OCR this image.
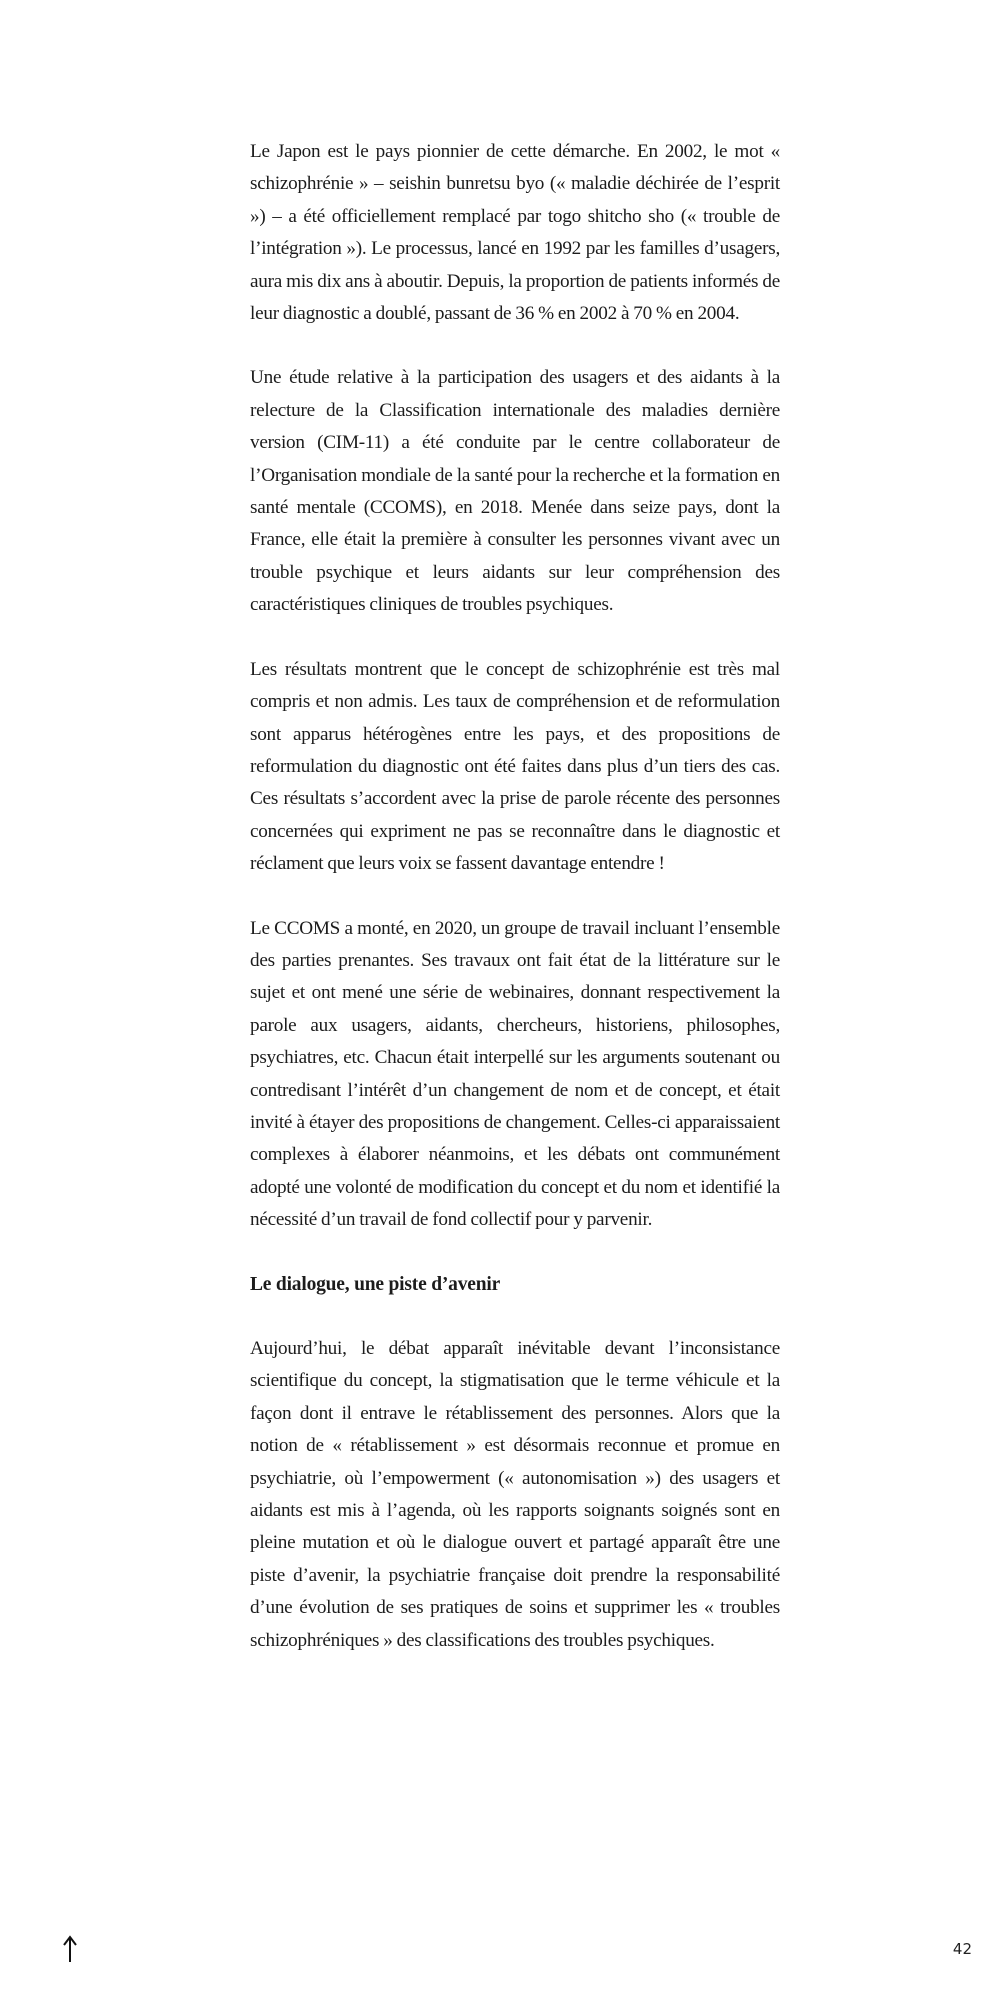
Le Japon est le pays pionnier de cette démarche. En 2002, le mot « schizophrénie » – seishin bunretsu byo (« maladie déchirée de l’esprit ») – a été officiellement remplacé par togo shitcho sho (« trouble de l’intégration »). Le processus, lancé en 1992 par les familles d’usagers, aura mis dix ans à aboutir. Depuis, la proportion de patients informés de leur diagnostic a doublé, passant de 36 % en 2002 à 70 % en 2004.

Une étude relative à la participation des usagers et des aidants à la relecture de la Classification internationale des maladies dernière version (CIM-11) a été conduite par le centre collaborateur de l’Organisation mondiale de la santé pour la recherche et la formation en santé mentale (CCOMS), en 2018. Menée dans seize pays, dont la France, elle était la première à consulter les personnes vivant avec un trouble psychique et leurs aidants sur leur compréhension des caractéristiques cliniques de troubles psychiques.

Les résultats montrent que le concept de schizophrénie est très mal compris et non admis. Les taux de compréhension et de reformulation sont apparus hétérogènes entre les pays, et des propositions de reformulation du diagnostic ont été faites dans plus d’un tiers des cas. Ces résultats s’accordent avec la prise de parole récente des personnes concernées qui expriment ne pas se reconnaître dans le diagnostic et réclament que leurs voix se fassent davantage entendre !

Le CCOMS a monté, en 2020, un groupe de travail incluant l’ensemble des parties prenantes. Ses travaux ont fait état de la littérature sur le sujet et ont mené une série de webinaires, donnant respectivement la parole aux usagers, aidants, chercheurs, historiens, philosophes, psychiatres, etc. Chacun était interpellé sur les arguments soutenant ou contredisant l’intérêt d’un changement de nom et de concept, et était invité à étayer des propositions de changement. Celles-ci apparaissaient complexes à élaborer néanmoins, et les débats ont communément adopté une volonté de modification du concept et du nom et identifié la nécessité d’un travail de fond collectif pour y parvenir.

Le dialogue, une piste d’avenir

Aujourd’hui, le débat apparaît inévitable devant l’inconsistance scientifique du concept, la stigmatisation que le terme véhicule et la façon dont il entrave le rétablissement des personnes. Alors que la notion de « rétablissement » est désormais reconnue et promue en psychiatrie, où l’empowerment (« autonomisation ») des usagers et aidants est mis à l’agenda, où les rapports soignants soignés sont en pleine mutation et où le dialogue ouvert et partagé apparaît être une piste d’avenir, la psychiatrie française doit prendre la responsabilité d’une évolution de ses pratiques de soins et supprimer les « troubles schizophréniques » des classifications des troubles psychiques.

42
